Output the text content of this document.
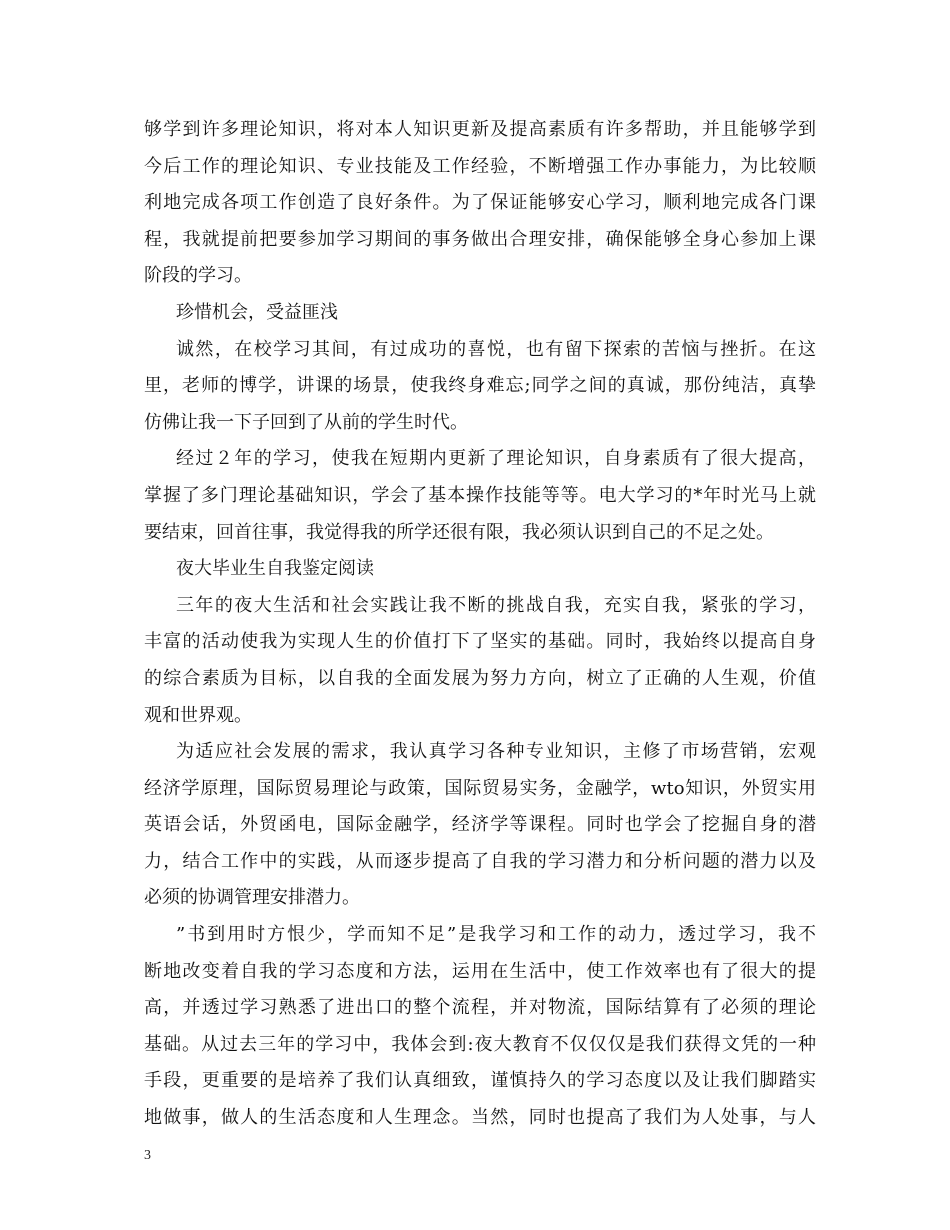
够学到许多理论知识，将对本人知识更新及提高素质有许多帮助，并且能够学到
今后工作的理论知识、专业技能及工作经验，不断增强工作办事能力，为比较顺
利地完成各项工作创造了良好条件。为了保证能够安心学习，顺利地完成各门课
程，我就提前把要参加学习期间的事务做出合理安排，确保能够全身心参加上课
阶段的学习。
珍惜机会，受益匪浅
诚然，在校学习其间，有过成功的喜悦，也有留下探索的苦恼与挫折。在这
里，老师的博学，讲课的场景，使我终身难忘;同学之间的真诚，那份纯洁，真挚
仿佛让我一下子回到了从前的学生时代。
经过２年的学习，使我在短期内更新了理论知识，自身素质有了很大提高，
掌握了多门理论基础知识，学会了基本操作技能等等。电大学习的*年时光马上就
要结束，回首往事，我觉得我的所学还很有限，我必须认识到自己的不足之处。
夜大毕业生自我鉴定阅读
三年的夜大生活和社会实践让我不断的挑战自我，充实自我，紧张的学习，
丰富的活动使我为实现人生的价值打下了坚实的基础。同时，我始终以提高自身
的综合素质为目标，以自我的全面发展为努力方向，树立了正确的人生观，价值
观和世界观。
为适应社会发展的需求，我认真学习各种专业知识，主修了市场营销，宏观
经济学原理，国际贸易理论与政策，国际贸易实务，金融学，wto知识，外贸实用
英语会话，外贸函电，国际金融学，经济学等课程。同时也学会了挖掘自身的潜
力，结合工作中的实践，从而逐步提高了自我的学习潜力和分析问题的潜力以及
必须的协调管理安排潜力。
”书到用时方恨少，学而知不足”是我学习和工作的动力，透过学习，我不
断地改变着自我的学习态度和方法，运用在生活中，使工作效率也有了很大的提
高，并透过学习熟悉了进出口的整个流程，并对物流，国际结算有了必须的理论
基础。从过去三年的学习中，我体会到:夜大教育不仅仅仅是我们获得文凭的一种
手段，更重要的是培养了我们认真细致，谨慎持久的学习态度以及让我们脚踏实
地做事，做人的生活态度和人生理念。当然，同时也提高了我们为人处事，与人
3
